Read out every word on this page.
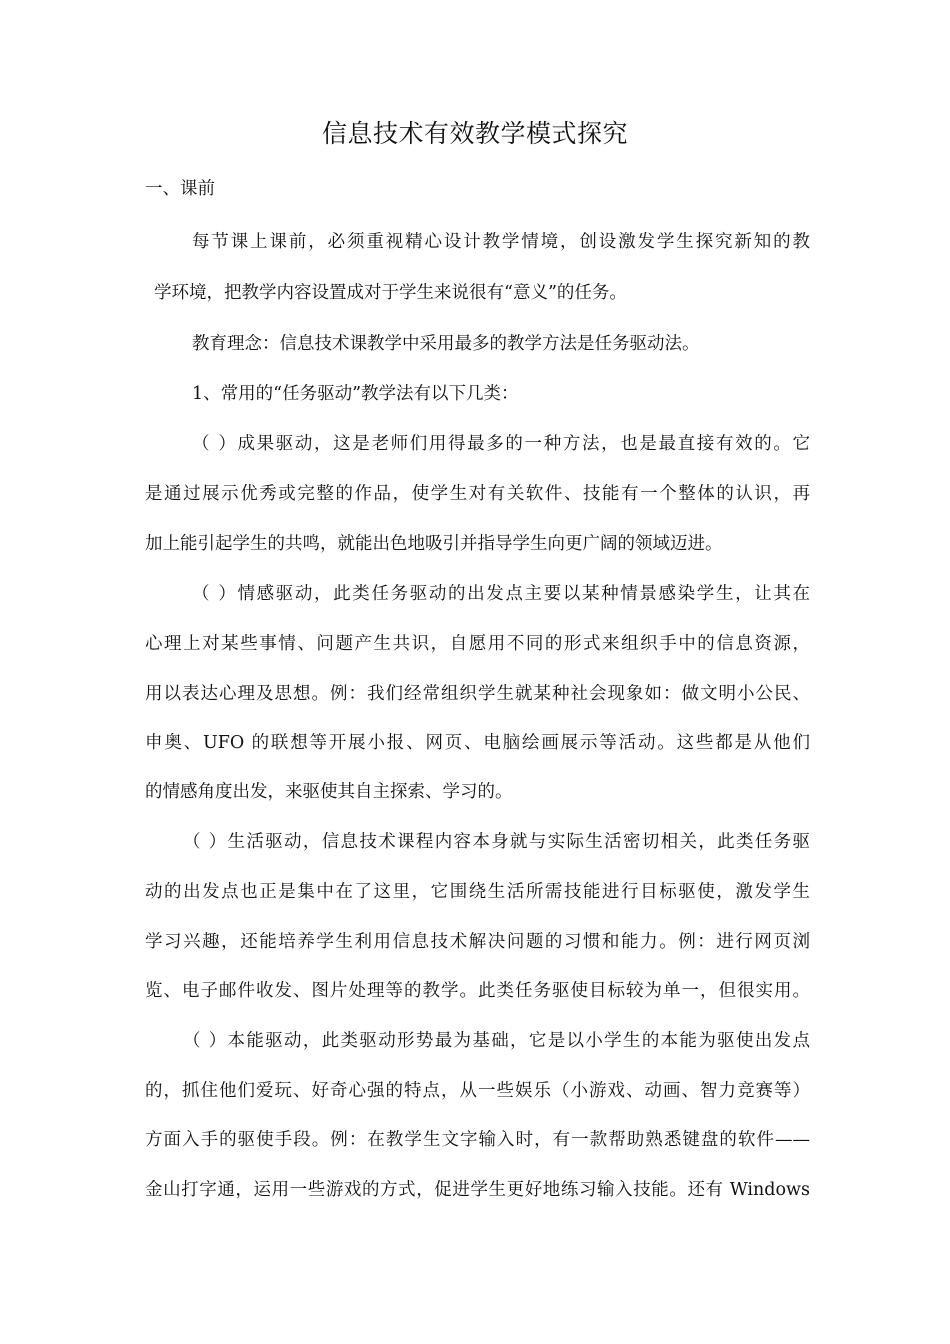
信息技术有效教学模式探究
一、课前
每节课上课前，必须重视精心设计教学情境，创设激发学生探究新知的教
学环境，把教学内容设置成对于学生来说很有“意义”的任务。
教育理念：信息技术课教学中采用最多的教学方法是任务驱动法。
1、常用的“任务驱动”教学法有以下几类：
（ ）成果驱动，这是老师们用得最多的一种方法，也是最直接有效的。它
是通过展示优秀或完整的作品，使学生对有关软件、技能有一个整体的认识，再
加上能引起学生的共鸣，就能出色地吸引并指导学生向更广阔的领域迈进。
（ ）情感驱动，此类任务驱动的出发点主要以某种情景感染学生，让其在
心理上对某些事情、问题产生共识，自愿用不同的形式来组织手中的信息资源，
用以表达心理及思想。例：我们经常组织学生就某种社会现象如：做文明小公民、
申奥、UFO 的联想等开展小报、网页、电脑绘画展示等活动。这些都是从他们
的情感角度出发，来驱使其自主探索、学习的。
（ ）生活驱动，信息技术课程内容本身就与实际生活密切相关，此类任务驱
动的出发点也正是集中在了这里，它围绕生活所需技能进行目标驱使，激发学生
学习兴趣，还能培养学生利用信息技术解决问题的习惯和能力。例：进行网页浏
览、电子邮件收发、图片处理等的教学。此类任务驱使目标较为单一，但很实用。
（ ）本能驱动，此类驱动形势最为基础，它是以小学生的本能为驱使出发点
的，抓住他们爱玩、好奇心强的特点，从一些娱乐（小游戏、动画、智力竞赛等）
方面入手的驱使手段。例：在教学生文字输入时，有一款帮助熟悉键盘的软件——
金山打字通，运用一些游戏的方式，促进学生更好地练习输入技能。还有 Windows
